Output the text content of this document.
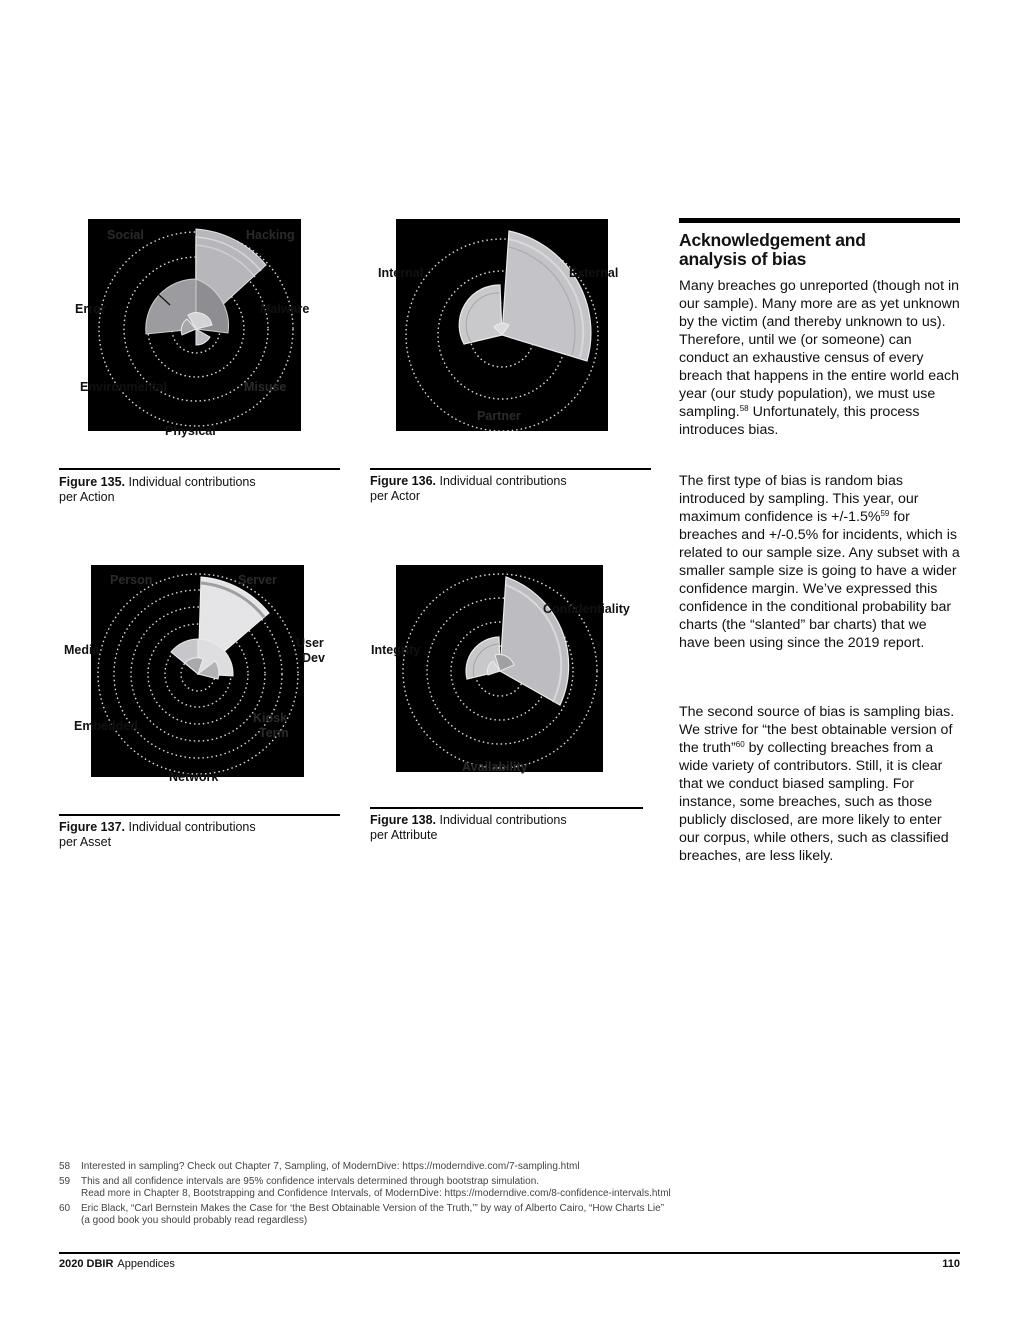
Social	Hacking
Error	Malware
Environmental	Misuse
Physical
Figure 135. Individual contributions
per Action
Internal	External
Partner
Figure 136. Individual contributions
per Actor
Person	Server
Media	User
Dev
Embedded
Kiosk
Term
Network
Figure 137. Individual contributions
per Asset
Confidentiality
Integrity
Availability
Figure 138. Individual contributions
per Attribute
Acknowledgement and
analysis of bias

Many breaches go unreported (though not in our sample). Many more are as yet unknown by the victim (and thereby unknown to us). Therefore, until we (or someone) can conduct an exhaustive census of every breach that happens in the entire world each year (our study population), we must use sampling.$^{58}$ Unfortunately, this process introduces bias.

The first type of bias is random bias introduced by sampling. This year, our maximum confidence is +/-1.5%$^{59}$ for breaches and +/-0.5% for incidents, which is related to our sample size. Any subset with a smaller sample size is going to have a wider confidence margin. We’ve expressed this confidence in the conditional probability bar charts (the “slanted” bar charts) that we have been using since the 2019 report.

The second source of bias is sampling bias. We strive for “the best obtainable version of the truth”$^{60}$ by collecting breaches from a wide variety of contributors. Still, it is clear that we conduct biased sampling. For instance, some breaches, such as those publicly disclosed, are more likely to enter our corpus, while others, such as classified breaches, are less likely.

58 Interested in sampling? Check out Chapter 7, Sampling, of ModernDive: https://moderndive.com/7-sampling.html
59 This and all confidence intervals are 95% confidence intervals determined through bootstrap simulation.
Read more in Chapter 8, Bootstrapping and Confidence Intervals, of ModernDive: https://moderndive.com/8-confidence-intervals.html
60 Eric Black, “Carl Bernstein Makes the Case for ‘the Best Obtainable Version of the Truth,’” by way of Alberto Cairo, “How Charts Lie”
(a good book you should probably read regardless)
2020 DBIR Appendices	110
